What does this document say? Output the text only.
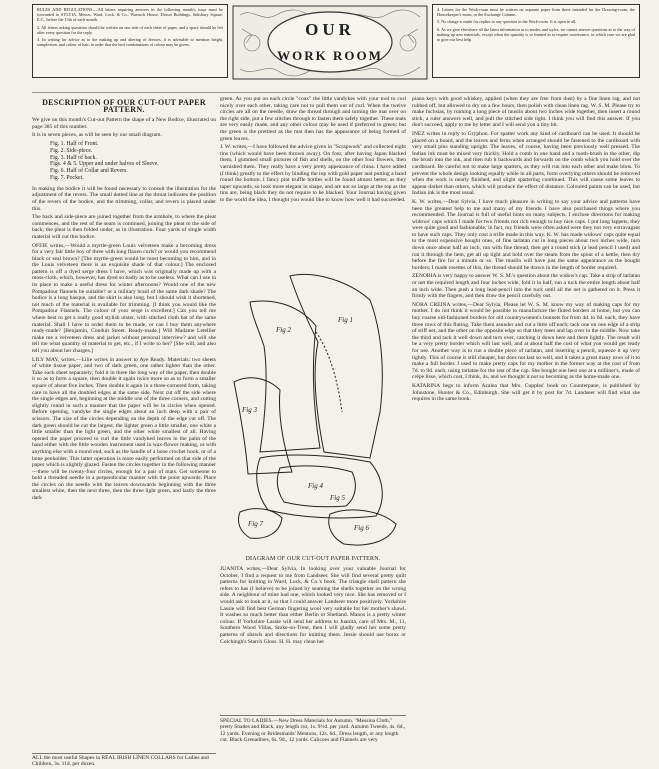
RULES AND REGULATIONS.—All letters requiring answers in the following month's issue must be forwarded to SYLVIA, Messrs. Ward, Lock, & Co., Warwick House, Dorset Buildings, Salisbury Square, E.C., before the 15th of each month.

2. All letters asking questions should be written on one side of each sheet of paper, and a space should be left after every question for the reply.

3. In writing for advice as to the making up and altering of dresses, it is advisable to mention height, complexion, and colour of hair, in order that the best combinations of colour may be given.

OUR
WORK ROOM

4. Letters for the Work-room must be written on separate paper from those intended for the Drawing-room, the Housekeeper's-room, or the Exchange Column.

5. No charge is made for replies to any question in the Work-room. It is open to all.

6. As we give elsewhere all the latest information as to modes and styles, we cannot answer questions as to the way of making up new materials, except when the quantity is so limited as to require contrivance, in which case we are glad to give our best help.

DESCRIPTION OF OUR CUT-OUT PAPER PATTERN.

We give on this month's Cut-out Pattern the shape of a New Bodice, illustrated on page 385 of this number.

It is in seven pieces, as will be seen by our small diagram.

Fig. 1. Half of Front.
Fig. 2. Side-piece.
Fig. 3. Half of back.
Figs. 4 & 5. Upper and under halves of Sleeve.
Fig. 6. Half of Collar and Revers.
Fig. 7. Pocket.

In making the bodice it will be found necessary to consult the illustration for the adjustment of the revers. The small dotted line at the throat indicates the position of the revers of the bodice, and the trimming, collar, and revers is placed under this.

The back and side-piece are joined together from the armhole, to where the pleat commences, and the rest of the seam is continued, joining the pleat to the side of back; the pleat is then folded under, as in illustration. Four yards of single width material will cut this bodice.

OFFIE writes,—Would a myrtle-green Louis velveteen make a becoming dress for a very fair little boy of three with long flaxen curls? or would you recommend black or seal brown? [The myrtle-green would be most becoming to him, and in the Louis velveteen there is an exquisite shade of that colour.] The enclosed pattern is off a dyed serge dress I have, which was originally made up with a moss-cloth, which, however, has dyed so badly as to be useless. What can I use in its place to make a useful dress for winter afternoons? Would one of the new Pompadour flannels be suitable? or a military braid of the same dark shade? The bodice is a long basque, and the skirt is also long, but I should wish it shortened, not much of the material is available for trimming. [I think you would like the Pompadour Flannels. The colour of your serge is excellent.] Can you tell me where best to get a really good stylish ulster, with stitched cloth hat of the same material. Shall I have to order them to be made, or can I buy them anywhere ready-made? [Benjamin, Conduit Street. Ready-made.] Will Madame Letellier make me a velveteen dress and jacket without personal interview? and will she tell me what quantity of material to get, etc., if I write to her? [She will, and also tell you about her charges.]

LILY MAY, writes.—Lilie writes in answer to Aye Ready. Materials: two sheets of white tissue paper, and two of dark green, one rather lighter than the other. Take each sheet separately; fold it in three the long way of the paper, then double it so as to form a square, then double it again twice more so as to form a smaller square of about five inches. Then double it again in a three-cornered form, taking care to have all the doubled edges at the same side. Next cut off the side where the single edges are, beginning at the middle one of the three corners, and cutting slightly round in such a manner that the paper will be in circles when opened. Before opening, vandyke the single edges about an inch deep with a pair of scissors. The size of the circles depending on the depth of the edge cut off. The dark green should be cut the largest, the lighter green a little smaller, one white a little smaller than the light green, and the other white smallest of all. Having opened the paper proceed to curl the little vandyked leaves in the palm of the hand either with the little wooden instrument used in wax-flower making, or with anything else with a round end, such as the handle of a bone crochet hook, or of a bone penholder. This latter operation is more easily performed on that side of the paper which is slightly glazed. Fasten the circles together in the following manner—there will be twenty-four circles, enough for a pair of mats. Get someone to hold a threaded needle in a perpendicular manner with the point upwards. Place the circles on the needle with the leaves downwards beginning with the three smallest white, then the next three, then the three light green, and lastly the three dark

ALL the most useful Shapes in REAL IRISH LINEN COLLARS for Ladies and Children, 3s. 11d. per dozen.

green. As you put on each circle "coax" the little vandykes with your tool to curl nicely over each other, taking care not to pull them out of curl. When the twelve circles are all on the needle, draw the thread through and turning the mat over on the right side, put a few stitches through to fasten them safely together. These mats are very easily made, and any other colour may be used if preferred to green; but the green is the prettiest as the mat then has the appearance of being formed of green leaves.

J. W. writes,—I have followed the advice given in "Scrapwork" and collected eight tins (which would have been thrown away). On four, after having Japan blacked them, I gummed small pictures of fish and shells, on the other four flowers, then varnished them. They really have a very pretty appearance of china. I have added (I think) greatly to the effect by binding the top with gold paper and putting a band round the bottom. I fancy pint truffle bottles will be found almost better, as they taper upwards, so look more elegant in shape, and are not so large at the top as the tins are, being black they do not require to be blacked. Your Journal having given to the world the idea, I thought you would like to know how well it had succeeded.

Fig 1
Fig 2
Fig 3
Fig 4
Fig 5
Fig 6
Fig 7
DIAGRAM OF OUR CUT-OUT PAPER PATTERN.

JUANITA writes,—Dear Sylvia, In looking over your valuable Journal for October, I find a request to me from Landseer. She will find several pretty quilt patterns for knitting in Ward, Lock, & Co.'s book. The triangle shell pattern she refers to has (I believe) to be joined by seaming the shells together on the wrong side. A neighbour of mine had one, which looked very nice. She has removed or I would ask to look at it, so that I could answer Landseer more positively. Yorkshire Lassie will find best German fingering wool very suitable for her mother's shawl. It washes so much better than either Berlin or Shetland. Manos is a pretty winter colour. If Yorkshire Lassie will send her address to Juanita, care of Mrs. M., 11, Southern Wood Villas, Stoke-on-Trent, then I will gladly send her some pretty patterns of shawls and directions for knitting them. Jessie should use borax or Colchingh's Starch Gloss. H. H. may clean her

SPECIAL TO LADIES.—New Dress Materials for Autumn. "Messina Cloth," pretty Shades and Black, any length cut, 1s. 9½d. per yard. Autumn Tweeds, 4s. 6d., 12 yards. Evening or Bridesmaids' Mentons, 12s. 6d., Dress length, or any length cut. Black Grenadines, 6s. 9d., 12 yards. Calicoes and Flannels are very

piano keys with good whiskey, applied (when they are free from dust) by a fine linen rag, and not rubbed off, but allowed to dry on a few hours, then polish with clean linen rag. W. S. M. Please try to make fuchsias, by running a long piece of muslin about two inches wide together, then insert a round stick, a ruler answers well, and pull the stitched side tight. I think you will find this answer. If you don't succeed, apply to me by letter and I will send you a tiny bit.

INEZ writes in reply to Gryphon. For spatter work any kind of cardboard can be used. It should be placed on a board, and the leaves and ferns when arranged should be fastened to the cardboard with very small pins standing upright. The leaves, of course, having been previously well pressed. The Indian ink must be mixed very thickly. Hold a comb in one hand and a tooth-brush in the other, dip the brush into the ink, and then rub it backwards and forwards on the comb which you hold over the cardboard. Be careful not to make large spatters, as they will run into each other and make blots. To prevent the whole design looking equally white in all parts, form overlying others should be removed when the work is nearly finished, and slight spattering continued. This will cause some leaves to appear darker than others, which will produce the effect of distance. Coloured paints can be used, but Indian ink is the most usual.

K. W. writes,—Dear Sylvia, I have much pleasure in writing to say your advice and patterns have been the greatest help to me and many of my friends. I have also purchased things where you recommended. The Journal is full of useful hints on many subjects. I enclose directions for making widows' caps which I made for two friends not rich enough to buy nice caps. I put long lappets, they were quite good and fashionable; in fact, my friends were often asked were they not very extravagant to have such caps. They only cost a trifle made in this way. K. W. has made widows' caps quite equal to the most expensive bought ones, of fine tarlatan cut in long pieces about two inches wide, turn down once about half an inch, run with fine thread, then get a round stick (a lead pencil I used) and run it through the hem, get all up tight and hold over the steam from the spout of a kettle, then dry before the fire for a minute or so. The muslin will have just the same appearance as the bought borders; I made rosettes of this, the thread should be drawn in the length of border required.

ZENOBIA is very happy to answer W. S. M.'s question about the widow's cap. Take a strip of tarlatan or net the required length and four inches wide, fold it in half, run a tuck the entire length about half an inch wide. Then push a long lead-pencil into the tuck until all the net is gathered on it. Press it firmly with the fingers, and then draw the pencil carefully out.

NORA CREINA writes,—Dear Sylvia, Please let W. S. M. know my way of making caps for my mother. I do not think it would be possible to manufacture the fluted borders at home, but you can buy coarse old-fashioned borders for old countrywomen's bonnets for from 4d. to 6d. each, they have three rows of this fluting. Take them asunder and cut a little off each; tack one on one edge of a strip of stiff net, and the other on the opposite edge so that they meet and lap over in the middle. Now take the third and tack it well down and turn over, catching it down here and there lightly. The result will be a very pretty border which will last well, and at about half the cost of what you would get ready for use. Another way is to run a double piece of tarlatan, and inserting a pencil, squeeze it up very tightly. This of course is still cheaper, but does not last so well, and it takes a great many rows of it to make a full border. I used to make pretty caps for my mother in the former way at the cost of from 7d. to 9d. each, using tarlatan for the rest of the cap. She bought one best one at a milliner's, made of crêpe lisse, which cost, I think, 4s, and we thought it not so becoming as the home-made one.

KATARINA begs to inform Azalea that Mrs. Cupples' book on Counterpane, is published by Johnstone, Hunter & Co., Edinburgh. She will get it by post for 7d. Landseer will find what she requires in the same book.
